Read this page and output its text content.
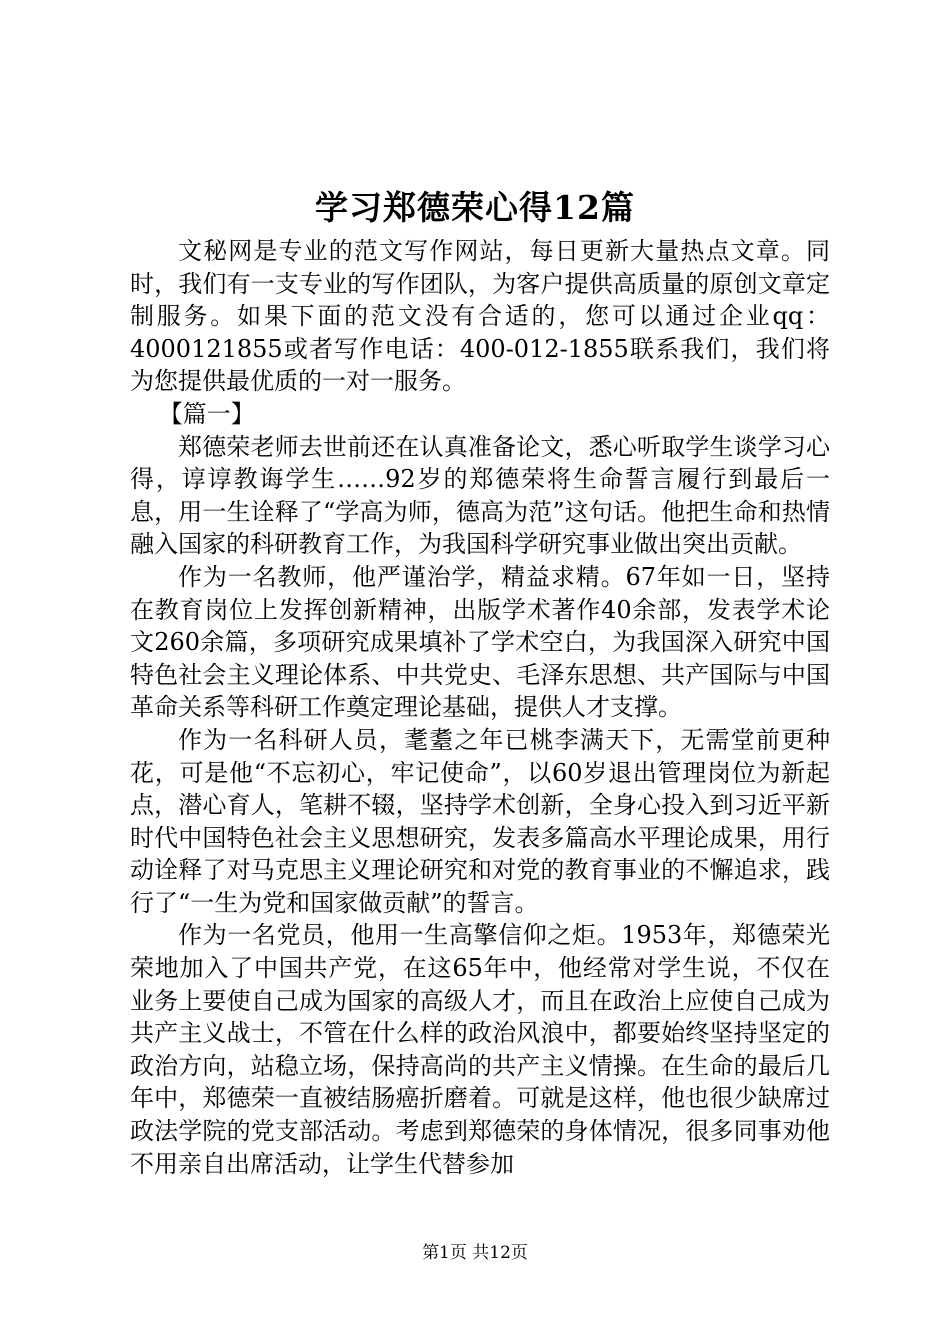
学习郑德荣心得12篇

文秘网是专业的范文写作网站，每日更新大量热点文章。同时，我们有一支专业的写作团队，为客户提供高质量的原创文章定制服务。如果下面的范文没有合适的，您可以通过企业qq：4000121855或者写作电话：400-012-1855联系我们，我们将为您提供最优质的一对一服务。

【篇一】

郑德荣老师去世前还在认真准备论文，悉心听取学生谈学习心得，谆谆教诲学生……92岁的郑德荣将生命誓言履行到最后一息，用一生诠释了“学高为师，德高为范”这句话。他把生命和热情融入国家的科研教育工作，为我国科学研究事业做出突出贡献。

作为一名教师，他严谨治学，精益求精。67年如一日，坚持在教育岗位上发挥创新精神，出版学术著作40余部，发表学术论文260余篇，多项研究成果填补了学术空白，为我国深入研究中国特色社会主义理论体系、中共党史、毛泽东思想、共产国际与中国革命关系等科研工作奠定理论基础，提供人才支撑。

作为一名科研人员，耄耋之年已桃李满天下，无需堂前更种花，可是他“不忘初心，牢记使命”，以60岁退出管理岗位为新起点，潜心育人，笔耕不辍，坚持学术创新，全身心投入到习近平新时代中国特色社会主义思想研究，发表多篇高水平理论成果，用行动诠释了对马克思主义理论研究和对党的教育事业的不懈追求，践行了“一生为党和国家做贡献”的誓言。

作为一名党员，他用一生高擎信仰之炬。1953年，郑德荣光荣地加入了中国共产党，在这65年中，他经常对学生说，不仅在业务上要使自己成为国家的高级人才，而且在政治上应使自己成为共产主义战士，不管在什么样的政治风浪中，都要始终坚持坚定的政治方向，站稳立场，保持高尚的共产主义情操。在生命的最后几年中，郑德荣一直被结肠癌折磨着。可就是这样，他也很少缺席过政法学院的党支部活动。考虑到郑德荣的身体情况，很多同事劝他不用亲自出席活动，让学生代替参加

第1页 共12页
